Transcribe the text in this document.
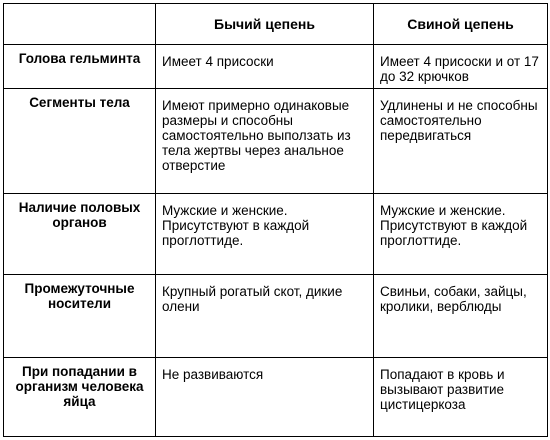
	Бычий цепень	Свиной цепень

Голова гельминта	Имеет 4 присоски	Имеет 4 присоски и от 17 до 32 крючков

Сегменты тела	Имеют примерно одинаковые размеры и способны самостоятельно выползать из тела жертвы через анальное отверстие	Удлинены и не способны самостоятельно передвигаться

Наличие половых органов	Мужские и женские. Присутствуют в каждой проглоттиде.	Мужские и женские. Присутствуют в каждой проглоттиде.

Промежуточные носители	Крупный рогатый скот, дикие олени	Свиньи, собаки, зайцы, кролики, верблюды

При попадании в организм человека яйца	Не развиваются	Попадают в кровь и вызывают развитие цистицеркоза
